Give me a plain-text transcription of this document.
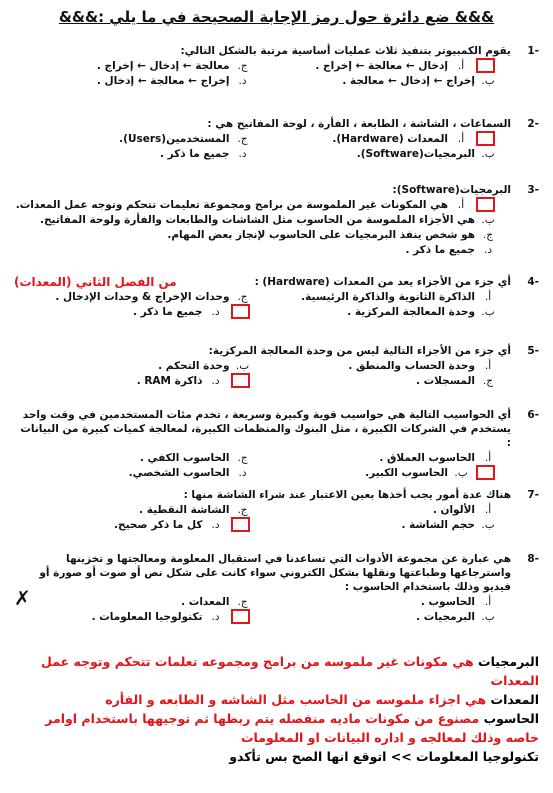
&&& ضع دائرة حول رمز الإجابة الصحيحة في ما يلي :&&&
-1
يقوم الكمبيوتر بتنفيذ ثلاث عمليات أساسية مرتبة بالشكل التالي:
أ.
إدخال ← معالجة ← إخراج .
ج.
معالجة ← إدخال ← إخراج .
ب.
إخراج ← إدخال ← معالجة .
د.
إخراج ← معالجة ← إدخال .
-2
السماعات ، الشاشة ، الطابعة ، الفأرة ، لوحة المفاتيح هي :
أ.
المعدات (Hardware).
ج.
المستخدمين(Users).
ب.
البرمجيات(Software).
د.
جميع ما ذكر .
-3
البرمجيات(Software):
أ.
هي المكونات غير الملموسة من برامج ومجموعة تعليمات تتحكم وتوجه عمل المعدات.
ب.
هي الأجزاء الملموسة من الحاسوب مثل الشاشات والطابعات والفأرة ولوحة المفاتيح.
ج.
هو شخص ينفذ البرمجيات على الحاسوب لإنجاز بعض المهام.
د.
جميع ما ذكر .
-4
أي جزء من الأجزاء يعد من المعدات (Hardware) :
من الفصل الثاني (المعدات)
أ.
الذاكرة الثانوية والذاكرة الرئيسية.
ج.
وحدات الإخراج & وحدات الإدخال .
ب.
وحدة المعالجة المركزية .
د.
جميع ما ذكر .
-5
أي جزء من الأجزاء التالية ليس من وحدة المعالجة المركزية:
أ.
وحدة الحساب والمنطق .
ب.
وحدة التحكم .
ج.
المسجلات .
د.
ذاكرة RAM .
-6
أي الحواسيب التالية هي حواسيب قوية وكبيرة وسريعة ، تخدم مئات المستخدمين في وقت واحد يستخدم في الشركات الكبيرة ، مثل البنوك والمنظمات الكبيرة، لمعالجة كميات كبيرة من البيانات :
أ.
الحاسوب العملاق .
ج.
الحاسوب الكفي .
ب.
الحاسوب الكبير.
د.
الحاسوب الشخصي.
-7
هناك عدة أمور يجب أخذها بعين الاعتبار عند شراء الشاشة منها :
أ.
الألوان .
ج.
الشاشة النقطية .
ب.
حجم الشاشة .
د.
كل ما ذكر صحيح.
-8
هي عبارة عن مجموعة الأدوات التي تساعدنا في استقبال المعلومة ومعالجتها و تخزينها واسترجاعها وطباعتها ونقلها بشكل الكتروني سواء كانت على شكل نص أو صوت أو صورة أو فيديو وذلك باستخدام الحاسوب :
أ.
الحاسوب .
ج.
المعدات .
ب.
البرمجيات .
د.
تكنولوجيا المعلومات .
البرمجيات هي مكونات غير ملموسه من برامج ومجموعه تعلمات تتحكم وتوجه عمل المعدات
المعدات هي اجزاء ملموسه من الحاسب مثل الشاشه و الطابعه و الفأره
الحاسوب مصنوع من مكونات ماديه منفصله يتم ربطها ثم توجيهها باستخدام اوامر خاصه وذلك لمعالجه و اداره البيانات او المعلومات
تكنولوجيا المعلومات >> اتوقع انها الصح بس تأكدو
✗
